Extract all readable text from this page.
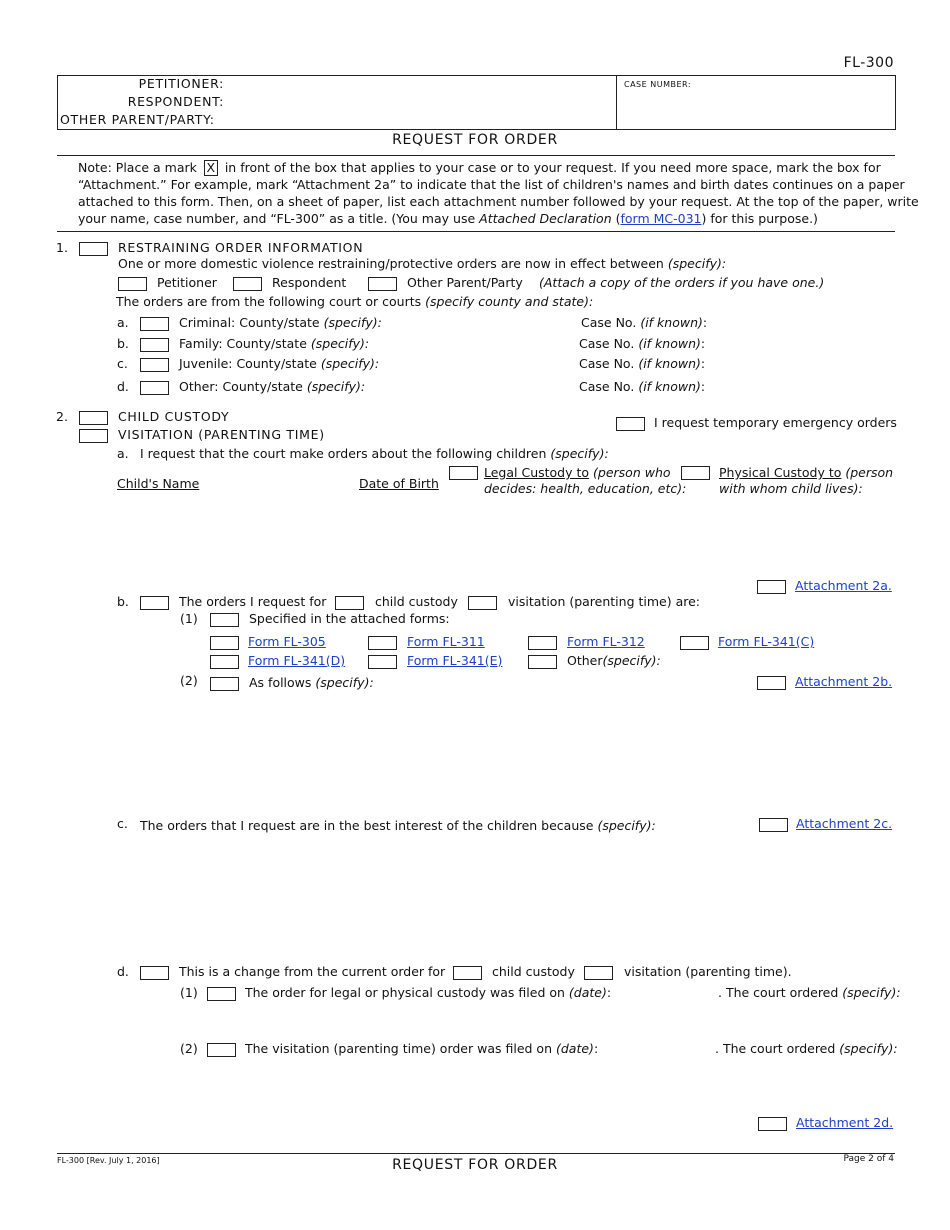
FL-300
PETITIONER:
RESPONDENT:
OTHER PARENT/PARTY:
CASE NUMBER:
REQUEST FOR ORDER
Note: Place a mark X in front of the box that applies to your case or to your request. If you need more space, mark the box for
“Attachment.” For example, mark “Attachment 2a” to indicate that the list of children's names and birth dates continues on a paper
attached to this form. Then, on a sheet of paper, list each attachment number followed by your request. At the top of the paper, write
your name, case number, and “FL-300” as a title. (You may use Attached Declaration (form MC-031) for this purpose.)
1.	RESTRAINING ORDER INFORMATION
One or more domestic violence restraining/protective orders are now in effect between (specify):
Petitioner	Respondent	Other Parent/Party (Attach a copy of the orders if you have one.)
The orders are from the following court or courts (specify county and state):
a.	Criminal: County/state (specify):	Case No. (if known):
b.	Family: County/state (specify):	Case No. (if known):
c.	Juvenile: County/state (specify):	Case No. (if known):
d.	Other: County/state (specify):	Case No. (if known):
2.	CHILD CUSTODY
VISITATION (PARENTING TIME)
I request temporary emergency orders
a. I request that the court make orders about the following children (specify):
Child's Name	Date of Birth
Legal Custody to (person who
decides: health, education, etc):
Physical Custody to (person
with whom child lives):
Attachment 2a.
b.	The orders I request for	child custody	visitation (parenting time) are:
(1)	Specified in the attached forms:
Form FL-305	Form FL-311	Form FL-312	Form FL-341(C)
Form FL-341(D)	Form FL-341(E)	Other(specify):
(2)	As follows (specify):	Attachment 2b.
c. The orders that I request are in the best interest of the children because (specify):	Attachment 2c.
d.	This is a change from the current order for	child custody	visitation (parenting time).
(1)	The order for legal or physical custody was filed on (date):	. The court ordered (specify):
(2)	The visitation (parenting time) order was filed on (date):	. The court ordered (specify):
Attachment 2d.
FL-300 [Rev. July 1, 2016]	REQUEST FOR ORDER	Page 2 of 4
